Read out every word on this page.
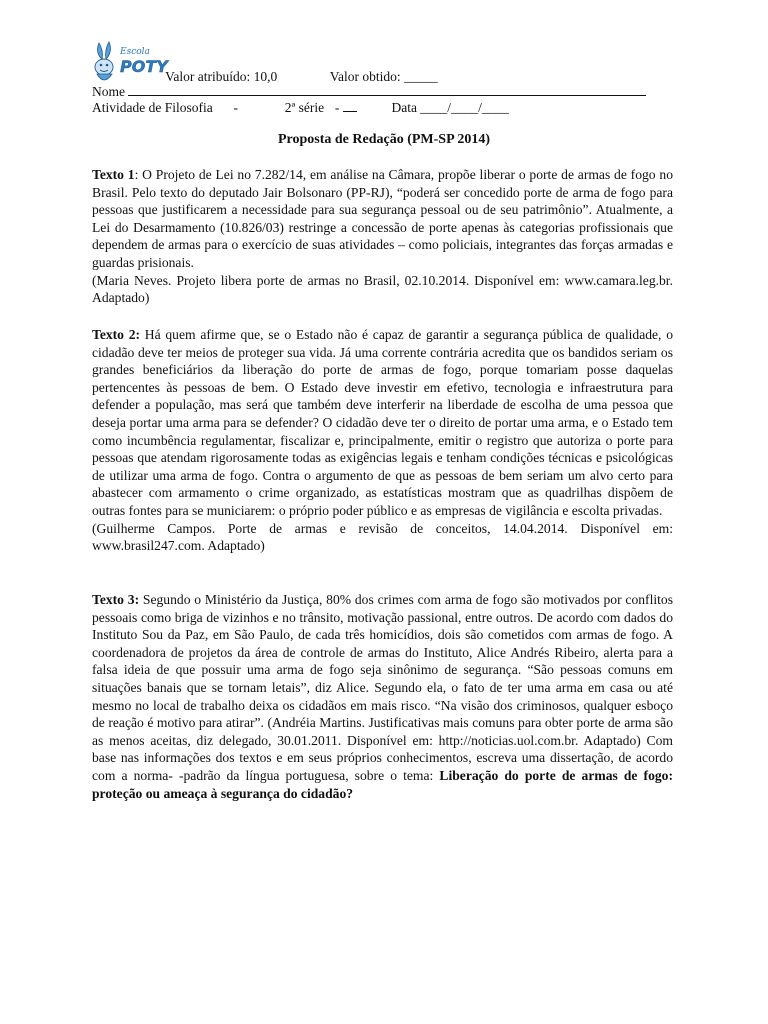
Escola
POTY
Valor atribuído: 10,0	Valor obtido: _____
Nome
Atividade de Filosofia -	2ª série -	Data ____/____/____
Proposta de Redação (PM-SP 2014)

Texto 1: O Projeto de Lei no 7.282/14, em análise na Câmara, propõe liberar o porte de armas de fogo no Brasil. Pelo texto do deputado Jair Bolsonaro (PP-RJ), “poderá ser concedido porte de arma de fogo para pessoas que justificarem a necessidade para sua segurança pessoal ou de seu patrimônio”. Atualmente, a Lei do Desarmamento (10.826/03) restringe a concessão de porte apenas às categorias profissionais que dependem de armas para o exercício de suas atividades – como policiais, integrantes das forças armadas e guardas prisionais.

(Maria Neves. Projeto libera porte de armas no Brasil, 02.10.2014. Disponível em: www.camara.leg.br. Adaptado)

Texto 2: Há quem afirme que, se o Estado não é capaz de garantir a segurança pública de qualidade, o cidadão deve ter meios de proteger sua vida. Já uma corrente contrária acredita que os bandidos seriam os grandes beneficiários da liberação do porte de armas de fogo, porque tomariam posse daquelas pertencentes às pessoas de bem. O Estado deve investir em efetivo, tecnologia e infraestrutura para defender a população, mas será que também deve interferir na liberdade de escolha de uma pessoa que deseja portar uma arma para se defender? O cidadão deve ter o direito de portar uma arma, e o Estado tem como incumbência regulamentar, fiscalizar e, principalmente, emitir o registro que autoriza o porte para pessoas que atendam rigorosamente todas as exigências legais e tenham condições técnicas e psicológicas de utilizar uma arma de fogo. Contra o argumento de que as pessoas de bem seriam um alvo certo para abastecer com armamento o crime organizado, as estatísticas mostram que as quadrilhas dispõem de outras fontes para se municiarem: o próprio poder público e as empresas de vigilância e escolta privadas.

(Guilherme Campos. Porte de armas e revisão de conceitos, 14.04.2014. Disponível em: www.brasil247.com. Adaptado)

Texto 3: Segundo o Ministério da Justiça, 80% dos crimes com arma de fogo são motivados por conflitos pessoais como briga de vizinhos e no trânsito, motivação passional, entre outros. De acordo com dados do Instituto Sou da Paz, em São Paulo, de cada três homicídios, dois são cometidos com armas de fogo. A coordenadora de projetos da área de controle de armas do Instituto, Alice Andrés Ribeiro, alerta para a falsa ideia de que possuir uma arma de fogo seja sinônimo de segurança. “São pessoas comuns em situações banais que se tornam letais”, diz Alice. Segundo ela, o fato de ter uma arma em casa ou até mesmo no local de trabalho deixa os cidadãos em mais risco. “Na visão dos criminosos, qualquer esboço de reação é motivo para atirar”. (Andréia Martins. Justificativas mais comuns para obter porte de arma são as menos aceitas, diz delegado, 30.01.2011. Disponível em: http://noticias.uol.com.br. Adaptado) Com base nas informações dos textos e em seus próprios conhecimentos, escreva uma dissertação, de acordo com a norma- -padrão da língua portuguesa, sobre o tema: Liberação do porte de armas de fogo: proteção ou ameaça à segurança do cidadão?
